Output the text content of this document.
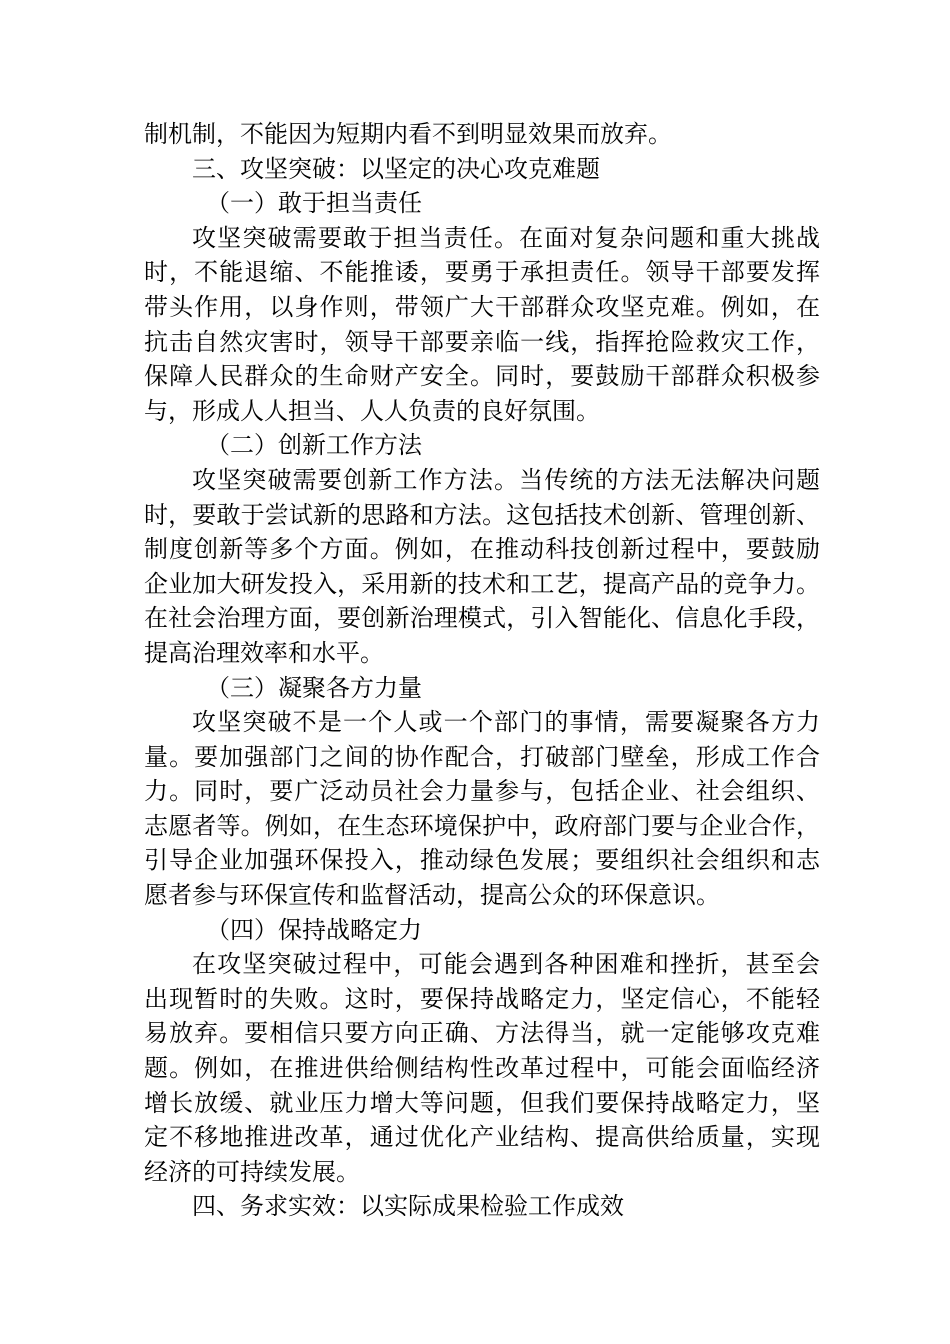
制机制，不能因为短期内看不到明显效果而放弃。
三、攻坚突破：以坚定的决心攻克难题
（一）敢于担当责任
攻坚突破需要敢于担当责任。在面对复杂问题和重大挑战
时，不能退缩、不能推诿，要勇于承担责任。领导干部要发挥
带头作用，以身作则，带领广大干部群众攻坚克难。例如，在
抗击自然灾害时，领导干部要亲临一线，指挥抢险救灾工作，
保障人民群众的生命财产安全。同时，要鼓励干部群众积极参
与，形成人人担当、人人负责的良好氛围。
（二）创新工作方法
攻坚突破需要创新工作方法。当传统的方法无法解决问题
时，要敢于尝试新的思路和方法。这包括技术创新、管理创新、
制度创新等多个方面。例如，在推动科技创新过程中，要鼓励
企业加大研发投入，采用新的技术和工艺，提高产品的竞争力。
在社会治理方面，要创新治理模式，引入智能化、信息化手段，
提高治理效率和水平。
（三）凝聚各方力量
攻坚突破不是一个人或一个部门的事情，需要凝聚各方力
量。要加强部门之间的协作配合，打破部门壁垒，形成工作合
力。同时，要广泛动员社会力量参与，包括企业、社会组织、
志愿者等。例如，在生态环境保护中，政府部门要与企业合作，
引导企业加强环保投入，推动绿色发展；要组织社会组织和志
愿者参与环保宣传和监督活动，提高公众的环保意识。
（四）保持战略定力
在攻坚突破过程中，可能会遇到各种困难和挫折，甚至会
出现暂时的失败。这时，要保持战略定力，坚定信心，不能轻
易放弃。要相信只要方向正确、方法得当，就一定能够攻克难
题。例如，在推进供给侧结构性改革过程中，可能会面临经济
增长放缓、就业压力增大等问题，但我们要保持战略定力，坚
定不移地推进改革，通过优化产业结构、提高供给质量，实现
经济的可持续发展。
四、务求实效：以实际成果检验工作成效
